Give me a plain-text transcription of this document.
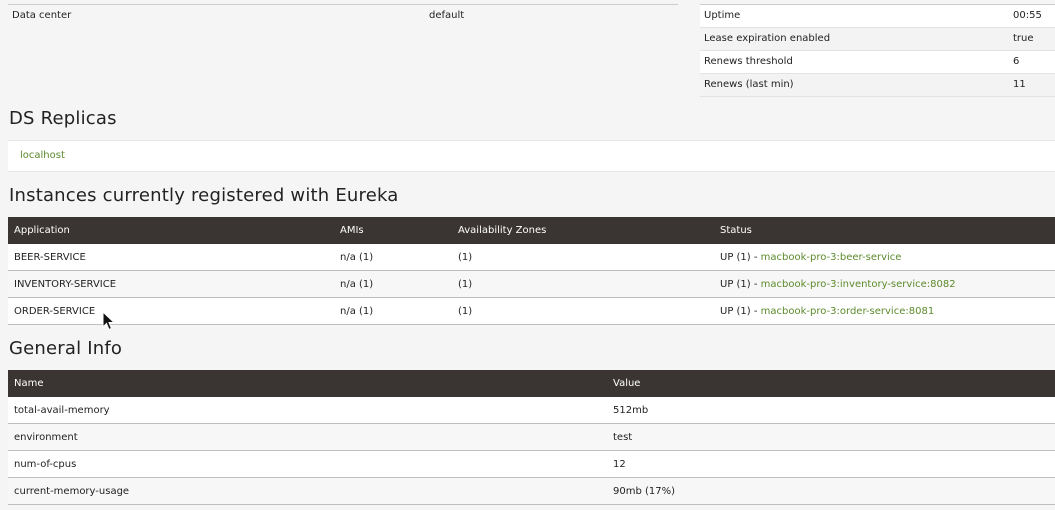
Data center	default	Uptime	00:55
Lease expiration enabled	true
Renews threshold	6
Renews (last min)	11
DS Replicas
localhost
Instances currently registered with Eureka
Application	AMIs	Availability Zones	Status
BEER-SERVICE	n/a (1)	(1)	UP (1) - macbook-pro-3:beer-service
INVENTORY-SERVICE	n/a (1)	(1)	UP (1) - macbook-pro-3:inventory-service:8082
ORDER-SERVICE	n/a (1)	(1)	UP (1) - macbook-pro-3:order-service:8081
General Info
Name	Value
total-avail-memory	512mb
environment	test
num-of-cpus	12
current-memory-usage	90mb (17%)
